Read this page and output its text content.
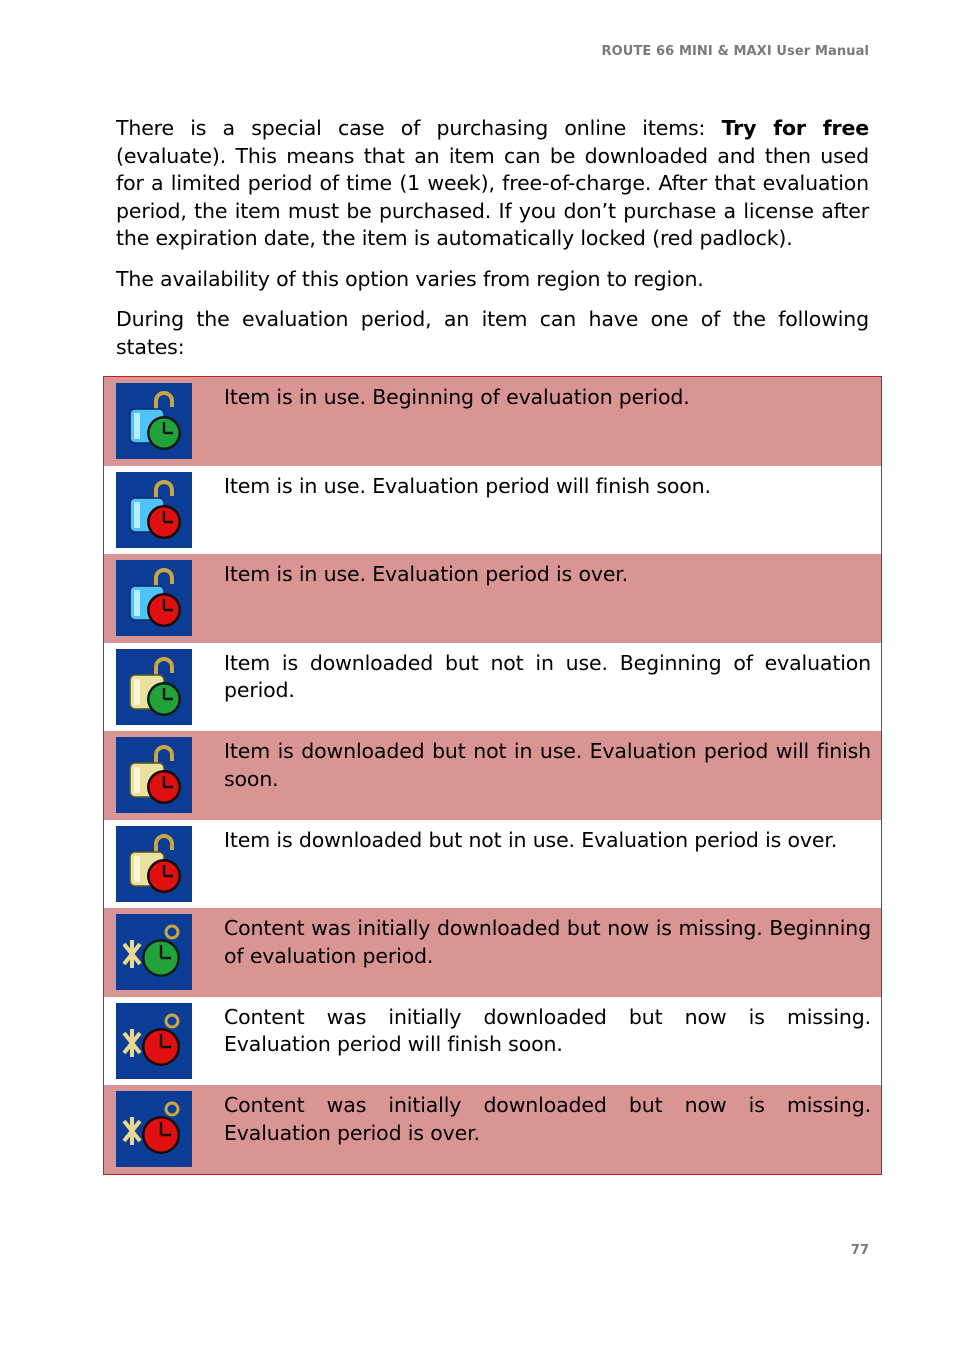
ROUTE 66 MINI & MAXI User Manual

There is a special case of purchasing online items: Try for free (evaluate). This means that an item can be downloaded and then used for a limited period of time (1 week), free-of-charge. After that evaluation period, the item must be purchased. If you don’t purchase a license after the expiration date, the item is automatically locked (red padlock).

The availability of this option varies from region to region.

During the evaluation period, an item can have one of the following states:

Item is in use. Beginning of evaluation period.
Item is in use. Evaluation period will finish soon.
Item is in use. Evaluation period is over.
Item is downloaded but not in use. Beginning of evaluation period.
Item is downloaded but not in use. Evaluation period will finish soon.
Item is downloaded but not in use. Evaluation period is over.
Content was initially downloaded but now is missing. Beginning of evaluation period.
Content was initially downloaded but now is missing. Evaluation period will finish soon.
Content was initially downloaded but now is missing. Evaluation period is over.
77
